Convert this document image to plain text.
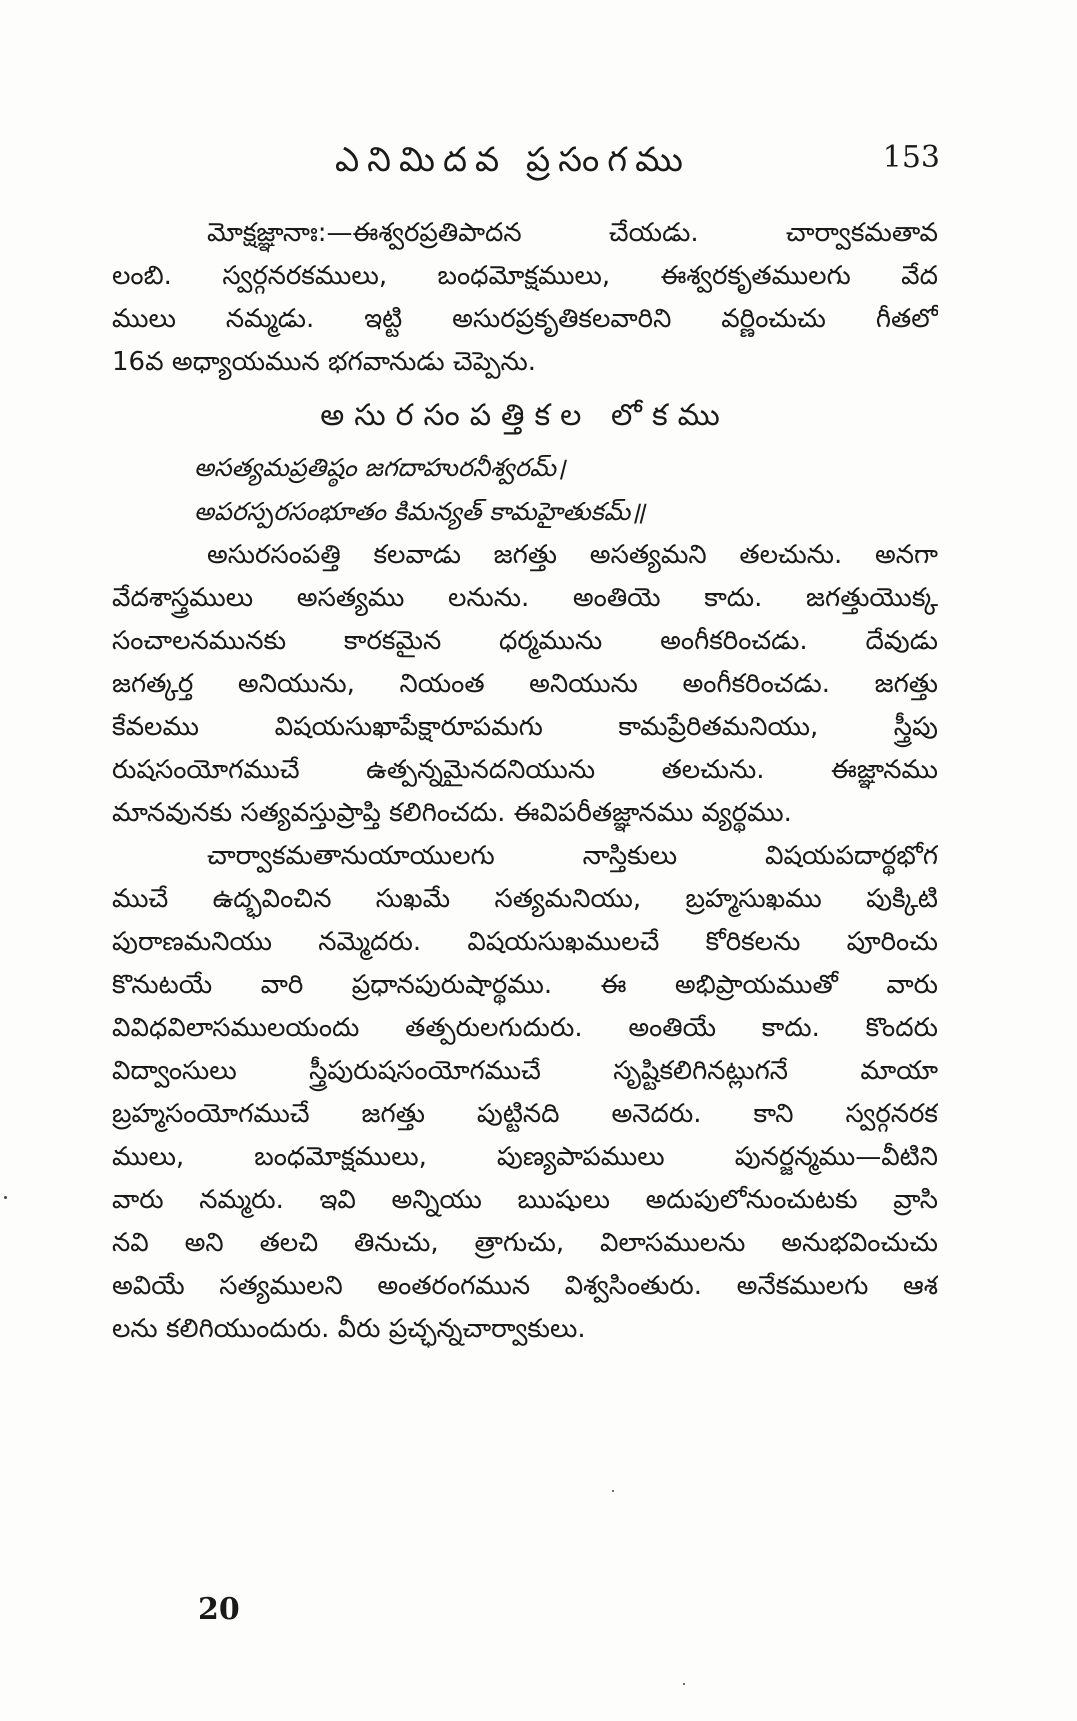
ఎనిమిదవ ప్రసంగము	153
మోక్షజ్ఞానాః:—ఈశ్వరప్రతిపాదన చేయడు. చార్వాకమతావ
లంబి. స్వర్గనరకములు, బంధమోక్షములు, ఈశ్వరకృతములగు వేద
ములు నమ్మడు. ఇట్టి అసురప్రకృతికలవారిని వర్ణించుచు గీతలో
16వ అధ్యాయమున భగవానుడు చెప్పెను.
అసురసంపత్తికల లోకము
అసత్యమప్రతిష్ఠం జగదాహురనీశ్వరమ్।
అపరస్పరసంభూతం కిమన్యత్ కామహైతుకమ్॥
అసురసంపత్తి కలవాడు జగత్తు అసత్యమని తలచును. అనగా
వేదశాస్త్రములు అసత్యము లనును. అంతియె కాదు. జగత్తుయొక్క
సంచాలనమునకు కారకమైన ధర్మమును అంగీకరించడు. దేవుడు
జగత్కర్త అనియును, నియంత అనియును అంగీకరించడు. జగత్తు
కేవలము విషయసుఖాపేక్షారూపమగు కామప్రేరితమనియు, స్త్రీపు
రుషసంయోగముచే ఉత్పన్నమైనదనియును తలచును. ఈజ్ఞానము
మానవునకు సత్యవస్తుప్రాప్తి కలిగించదు. ఈవిపరీతజ్ఞానము వ్యర్థము.
చార్వాకమతానుయాయులగు నాస్తికులు విషయపదార్థభోగ
ముచే ఉద్భవించిన సుఖమే సత్యమనియు, బ్రహ్మసుఖము పుక్కిటి
పురాణమనియు నమ్మెదరు. విషయసుఖములచే కోరికలను పూరించు
కొనుటయే వారి ప్రధానపురుషార్థము. ఈ అభిప్రాయముతో వారు
వివిధవిలాసములయందు తత్పరులగుదురు. అంతియే కాదు. కొందరు
విద్వాంసులు స్త్రీపురుషసంయోగముచే సృష్టికలిగినట్లుగనే మాయా
బ్రహ్మసంయోగముచే జగత్తు పుట్టినది అనెదరు. కాని స్వర్గనరక
ములు, బంధమోక్షములు, పుణ్యపాపములు పునర్జన్మము—వీటిని
వారు నమ్మరు. ఇవి అన్నియు ఋషులు అదుపులోనుంచుటకు వ్రాసి
నవి అని తలచి తినుచు, త్రాగుచు, విలాసములను అనుభవించుచు
అవియే సత్యములని అంతరంగమున విశ్వసింతురు. అనేకములగు ఆశ
లను కలిగియుందురు. వీరు ప్రచ్ఛన్నచార్వాకులు.
20
